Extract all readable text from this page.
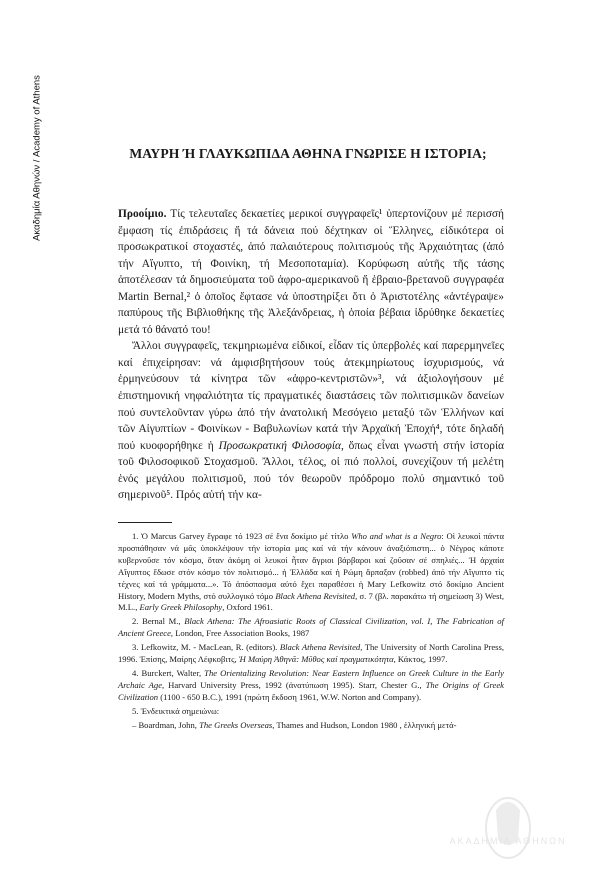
Ακαδημία Αθηνών / Academy of Athens	ΜΑΥΡΗ Ή ΓΛΑΥΚΩΠΙΔΑ ΑΘΗΝΑ ΓΝΩΡΙΣΕ Η ΙΣΤΟΡΙΑ;

Προοίμιο. Τίς τελευταῖες δεκαετίες μερικοί συγγραφεῖς¹ ὑπερτονίζουν μέ περισσή ἔμφαση τίς ἐπιδράσεις ἤ τά δάνεια πού δέχτηκαν οἱ Ἕλληνες, εἰδικότερα οἱ προσωκρατικοί στοχαστές, ἀπό παλαιότερους πολιτισμούς τῆς Ἀρχαιότητας (ἀπό τήν Αἴγυπτο, τή Φοινίκη, τή Μεσοποταμία). Κορύφωση αὐτῆς τῆς τάσης ἀποτέλεσαν τά δημοσιεύματα τοῦ ἀφρο-αμερικανοῦ ἤ ἑβραιο-βρετανοῦ συγγραφέα Martin Bernal,² ὁ ὁποῖος ἔφτασε νά ὑποστηρίξει ὅτι ὁ Ἀριστοτέλης «ἀντέγραψε» παπύρους τῆς Βιβλιοθήκης τῆς Ἀλεξάνδρειας, ἡ ὁποία βέβαια ἱδρύθηκε δεκαετίες μετά τό θάνατό του!

Ἄλλοι συγγραφεῖς, τεκμηριωμένα εἰδικοί, εἶδαν τίς ὑπερβολές καί παρερμηνεῖες καί ἐπιχείρησαν: νά ἀμφισβητήσουν τούς ἀτεκμηρίωτους ἰσχυρισμούς, νά ἑρμηνεύσουν τά κίνητρα τῶν «ἀφρο-κεντριστῶν»³, νά ἀξιολογήσουν μέ ἐπιστημονική νηφαλιότητα τίς πραγματικές διαστάσεις τῶν πολιτισμικῶν δανείων πού συντελοῦνταν γύρω ἀπό τήν ἀνατολική Μεσόγειο μεταξύ τῶν Ἑλλήνων καί τῶν Αἰγυπτίων - Φοινίκων - Βαβυλωνίων κατά τήν Ἀρχαϊκή Ἐποχή⁴, τότε δηλαδή πού κυοφορήθηκε ἡ Προσωκρατική Φιλοσοφία, ὅπως εἶναι γνωστή στήν ἱστορία τοῦ Φιλοσοφικοῦ Στοχασμοῦ. Ἄλλοι, τέλος, οἱ πιό πολλοί, συνεχίζουν τή μελέτη ἑνός μεγάλου πολιτισμοῦ, πού τόν θεωροῦν πρόδρομο πολύ σημαντικό τοῦ σημερινοῦ⁵. Πρός αὐτή τήν κα-

1. Ὁ Marcus Garvey ἔγραφε τό 1923 σέ ἕνα δοκίμιο μέ τίτλο Who and what is a Negro: Οἱ λευκοί πάντα προσπάθησαν νά μᾶς ὑποκλέψουν τήν ἱστορία μας καί νά τήν κάνουν ἀναξιόπιστη... ὁ Νέγρος κάποτε κυβερνοῦσε τόν κόσμο, ὅταν ἀκόμη οἱ λευκοί ἦταν ἄγριοι βάρβαροι καί ζοῦσαν σέ σπηλιές... Ἡ ἀρχαία Αἴγυπτος ἔδωσε στόν κόσμο τόν πολιτισμό... ἡ Ἑλλάδα καί ἡ Ρώμη ἅρπαξαν (robbed) ἀπό τήν Αἴγυπτο τίς τέχνες καί τά γράμματα...». Τό ἀπόσπασμα αὐτό ἔχει παραθέσει ἡ Mary Lefkowitz στό δοκίμιο Ancient History, Modern Myths, στό συλλογικό τόμο Black Athena Revisited, σ. 7 (βλ. παρακάτω τή σημείωση 3) West, M.L., Early Greek Philosophy, Oxford 1961.

2. Bernal M., Black Athena: The Afroasiatic Roots of Classical Civilization, vol. I, The Fabrication of Ancient Greece, London, Free Association Books, 1987

3. Lefkowitz, M. - MacLean, R. (editors). Black Athena Revisited, The University of North Carolina Press, 1996. Ἐπίσης, Μαίρης Λέφκοβιτς, Ἡ Μαύρη Ἀθηνᾶ: Μῦθος καί πραγματικότητα, Κάκτος, 1997.

4. Burckert, Walter, The Orientalizing Revolution: Near Eastern Influence on Greek Culture in the Early Archaic Age, Harvard University Press, 1992 (ἀνατύπωση 1995). Starr, Chester G., The Origins of Greek Civilization (1100 - 650 B.C.), 1991 (πρώτη ἔκδοση 1961, W.W. Norton and Company).

5. Ἐνδεικτικά σημειώνω:

– Boardman, John, The Greeks Overseas, Thames and Hudson, London 1980 , ἑλληνική μετά-

ΑΚΑΔΗΜΙΑ ΑΘΗΝΩΝ
